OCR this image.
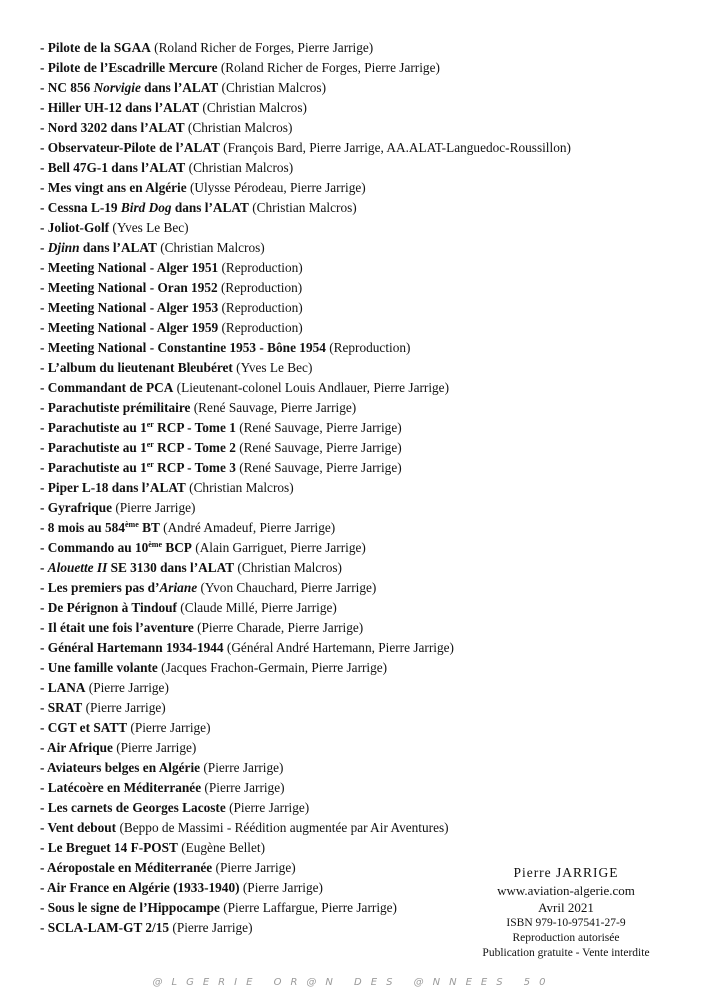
- Pilote de la SGAA (Roland Richer de Forges, Pierre Jarrige)
- Pilote de l’Escadrille Mercure (Roland Richer de Forges, Pierre Jarrige)
- NC 856 Norvigie dans l’ALAT (Christian Malcros)
- Hiller UH-12 dans l’ALAT (Christian Malcros)
- Nord 3202 dans l’ALAT (Christian Malcros)
- Observateur-Pilote de l’ALAT (François Bard, Pierre Jarrige, AA.ALAT-Languedoc-Roussillon)
- Bell 47G-1 dans l’ALAT (Christian Malcros)
- Mes vingt ans en Algérie (Ulysse Pérodeau, Pierre Jarrige)
- Cessna L-19 Bird Dog dans l’ALAT (Christian Malcros)
- Joliot-Golf (Yves Le Bec)
- Djinn dans l’ALAT (Christian Malcros)
- Meeting National - Alger 1951 (Reproduction)
- Meeting National - Oran 1952 (Reproduction)
- Meeting National - Alger 1953 (Reproduction)
- Meeting National - Alger 1959 (Reproduction)
- Meeting National - Constantine 1953 - Bône 1954 (Reproduction)
- L’album du lieutenant Bleubéret (Yves Le Bec)
- Commandant de PCA (Lieutenant-colonel Louis Andlauer, Pierre Jarrige)
- Parachutiste prémilitaire (René Sauvage, Pierre Jarrige)
- Parachutiste au 1er RCP - Tome 1 (René Sauvage, Pierre Jarrige)
- Parachutiste au 1er RCP - Tome 2 (René Sauvage, Pierre Jarrige)
- Parachutiste au 1er RCP - Tome 3 (René Sauvage, Pierre Jarrige)
- Piper L-18 dans l’ALAT (Christian Malcros)
- Gyrafrique (Pierre Jarrige)
- 8 mois au 584ème BT (André Amadeuf, Pierre Jarrige)
- Commando au 10ème BCP (Alain Garriguet, Pierre Jarrige)
- Alouette II SE 3130 dans l’ALAT (Christian Malcros)
- Les premiers pas d’Ariane (Yvon Chauchard, Pierre Jarrige)
- De Pérignon à Tindouf (Claude Millé, Pierre Jarrige)
- Il était une fois l’aventure (Pierre Charade, Pierre Jarrige)
- Général Hartemann 1934-1944 (Général André Hartemann, Pierre Jarrige)
- Une famille volante (Jacques Frachon-Germain, Pierre Jarrige)
- LANA (Pierre Jarrige)
- SRAT (Pierre Jarrige)
- CGT et SATT (Pierre Jarrige)
- Air Afrique (Pierre Jarrige)
- Aviateurs belges en Algérie (Pierre Jarrige)
- Latécoère en Méditerranée (Pierre Jarrige)
- Les carnets de Georges Lacoste (Pierre Jarrige)
- Vent debout (Beppo de Massimi - Réédition augmentée par Air Aventures)
- Le Breguet 14 F-POST (Eugène Bellet)
- Aéropostale en Méditerranée (Pierre Jarrige)
- Air France en Algérie (1933-1940) (Pierre Jarrige)
- Sous le signe de l’Hippocampe (Pierre Laffargue, Pierre Jarrige)
- SCLA-LAM-GT 2/15 (Pierre Jarrige)
Pierre JARRIGE
www.aviation-algerie.com
Avril 2021
ISBN 979-10-97541-27-9
Reproduction autorisée
Publication gratuite - Vente interdite
@LGERIE OR@N DES @NNEES 50
